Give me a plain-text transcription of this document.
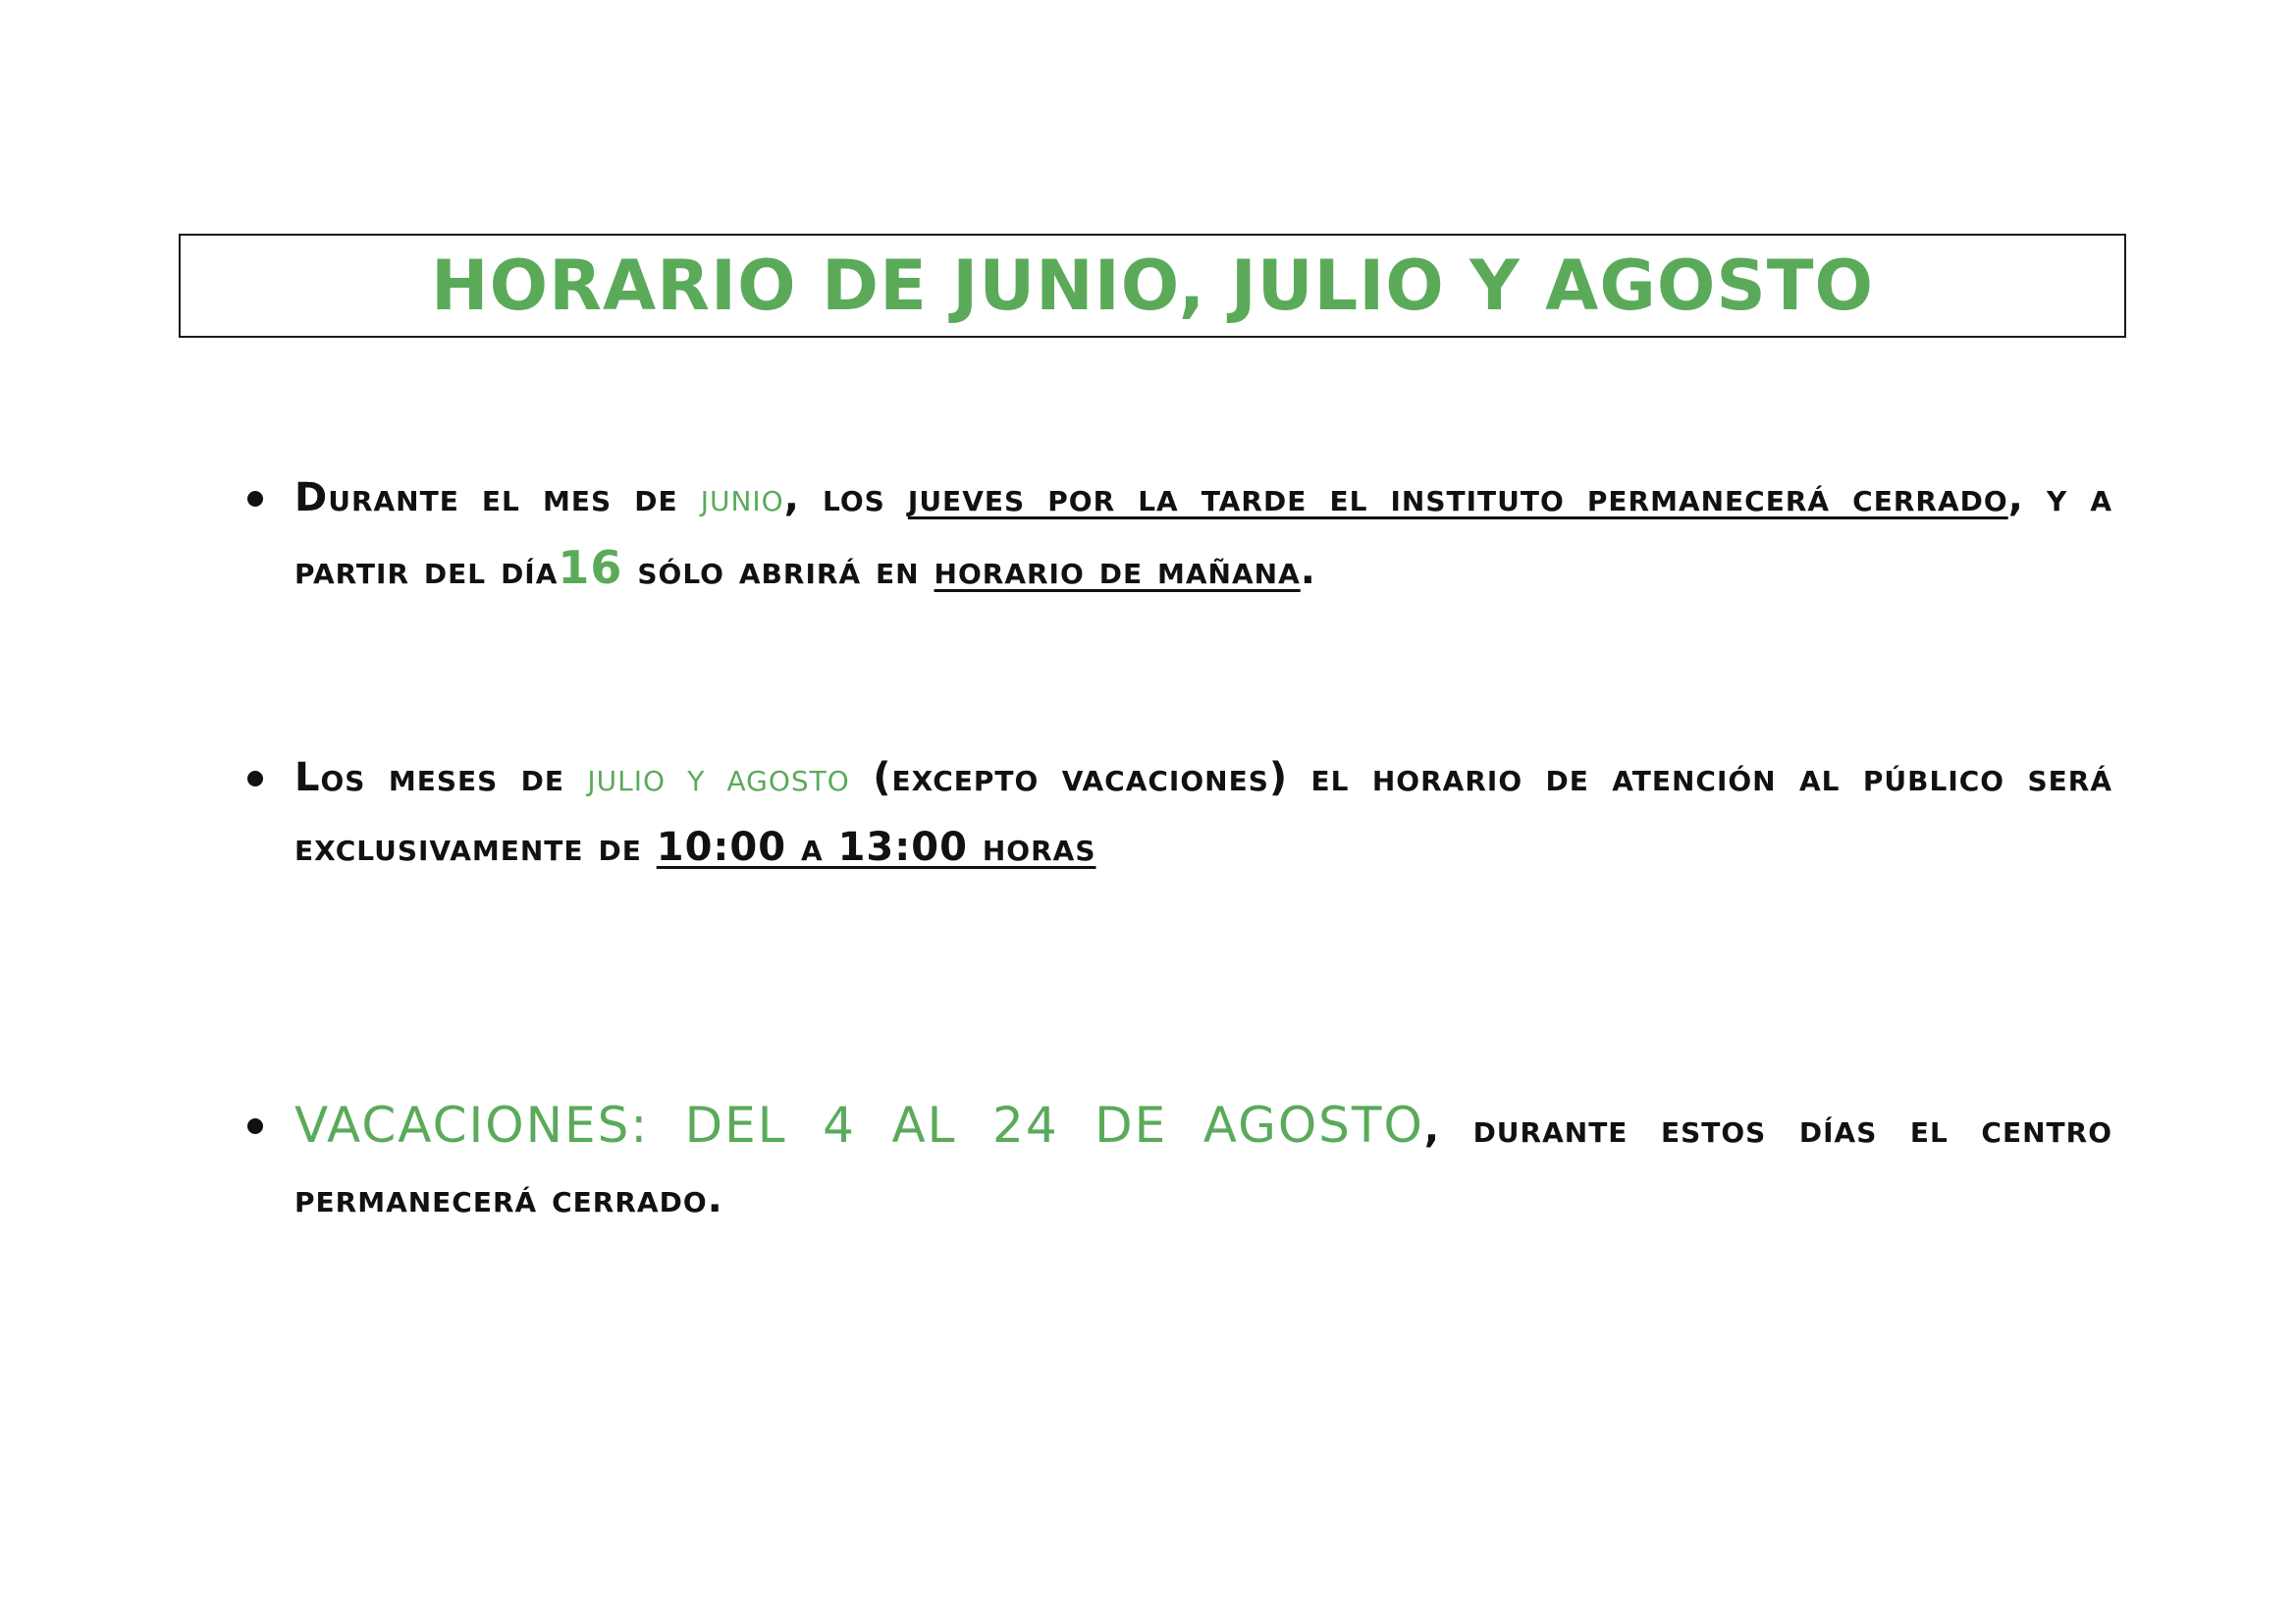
HORARIO DE JUNIO, JULIO Y AGOSTO
Durante el mes de junio, los jueves por la tarde el instituto permanecerá cerrado, y a partir del día16 sólo abrirá en horario de mañana.
Los meses de julio y agosto (excepto vacaciones) el horario de atención al público será exclusivamente de 10:00 a 13:00 horas
VACACIONES: DEL 4 AL 24 DE AGOSTO, durante estos días el centro permanecerá cerrado.
